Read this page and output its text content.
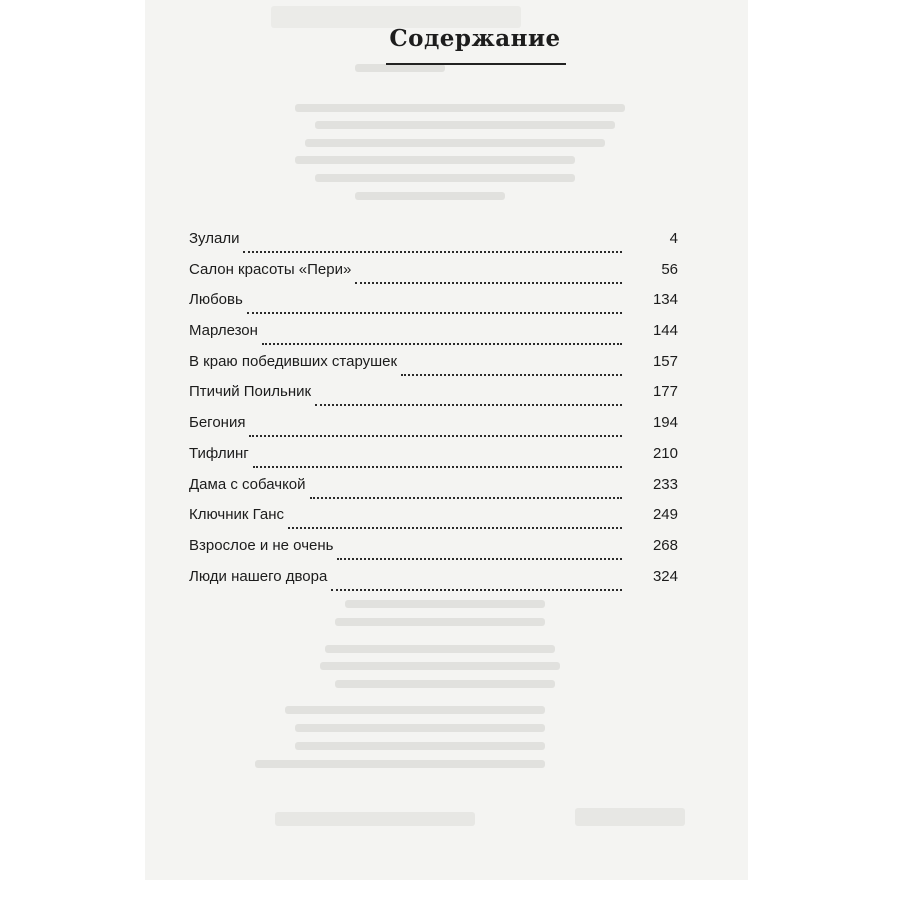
Содержание
Зулали	4
Салон красоты «Пери»	56
Любовь	134
Марлезон	144
В краю победивших старушек	157
Птичий Поильник	177
Бегония	194
Тифлинг	210
Дама с собачкой	233
Ключник Ганс	249
Взрослое и не очень	268
Люди нашего двора	324
